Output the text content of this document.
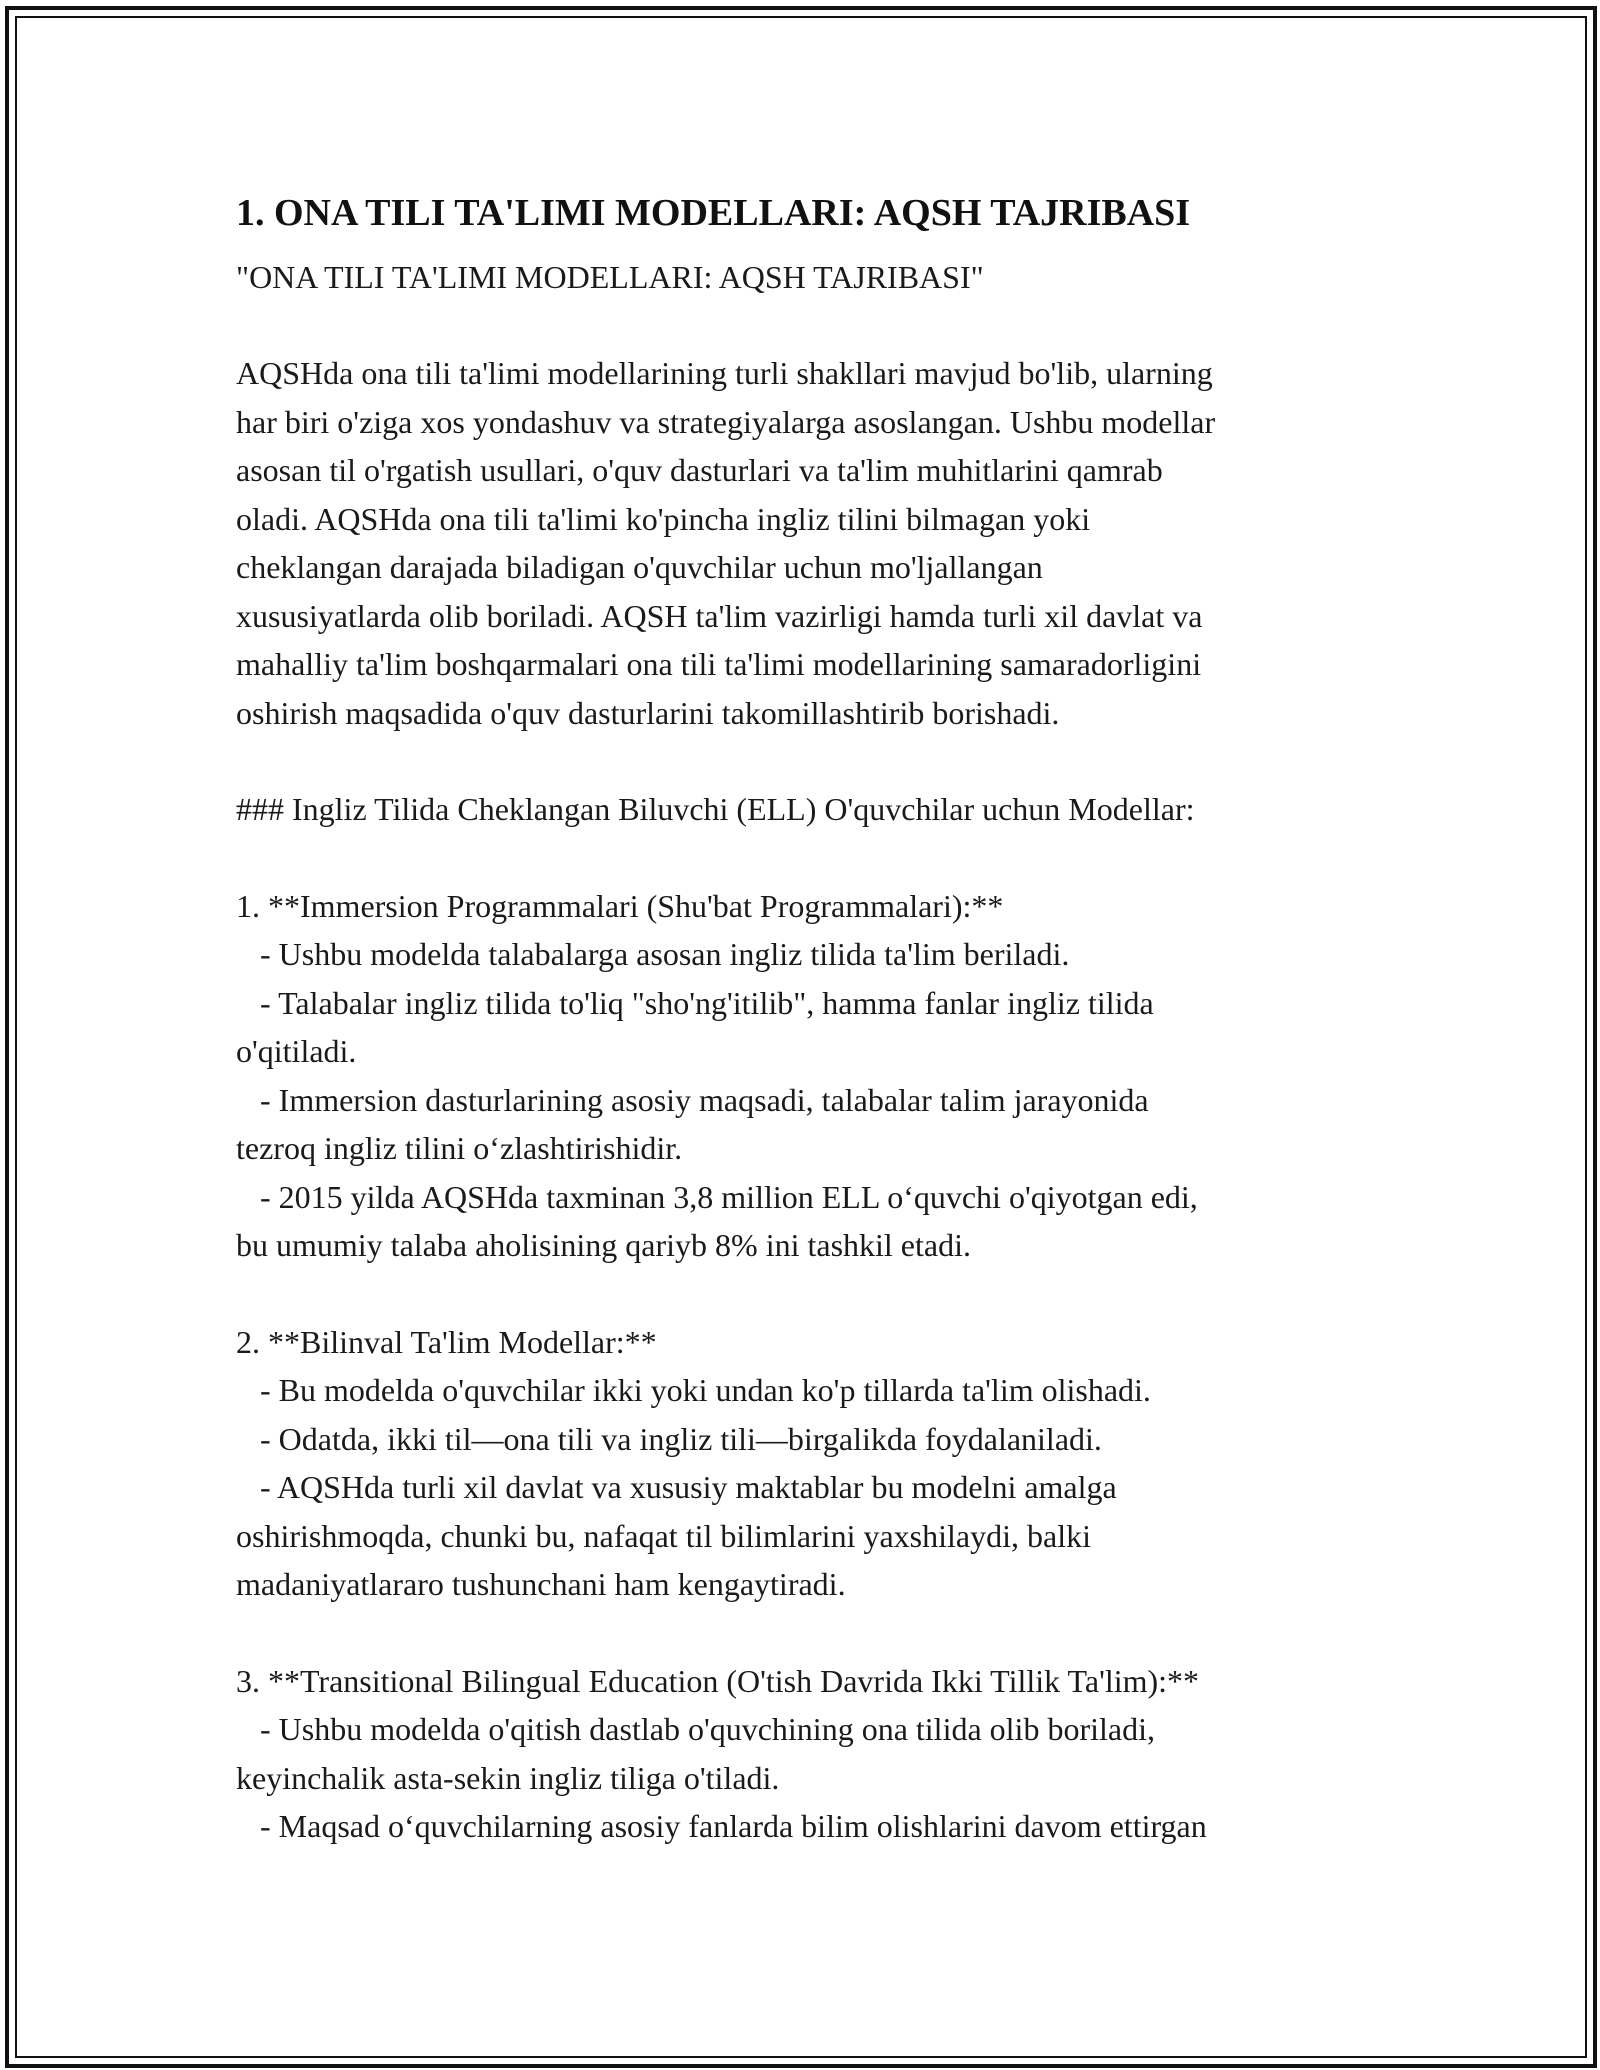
1. ONA TILI TA'LIMI MODELLARI: AQSH TAJRIBASI

"ONA TILI TA'LIMI MODELLARI: AQSH TAJRIBASI"

AQSHda ona tili ta'limi modellarining turli shakllari mavjud bo'lib, ularning
har biri o'ziga xos yondashuv va strategiyalarga asoslangan. Ushbu modellar
asosan til o'rgatish usullari, o'quv dasturlari va ta'lim muhitlarini qamrab
oladi. AQSHda ona tili ta'limi ko'pincha ingliz tilini bilmagan yoki
cheklangan darajada biladigan o'quvchilar uchun mo'ljallangan
xususiyatlarda olib boriladi. AQSH ta'lim vazirligi hamda turli xil davlat va
mahalliy ta'lim boshqarmalari ona tili ta'limi modellarining samaradorligini
oshirish maqsadida o'quv dasturlarini takomillashtirib borishadi.
### Ingliz Tilida Cheklangan Biluvchi (ELL) O'quvchilar uchun Modellar:
1. **Immersion Programmalari (Shu'bat Programmalari):**
- Ushbu modelda talabalarga asosan ingliz tilida ta'lim beriladi.
- Talabalar ingliz tilida to'liq "sho'ng'itilib", hamma fanlar ingliz tilida
o'qitiladi.
- Immersion dasturlarining asosiy maqsadi, talabalar talim jarayonida
tezroq ingliz tilini o‘zlashtirishidir.
- 2015 yilda AQSHda taxminan 3,8 million ELL o‘quvchi o'qiyotgan edi,
bu umumiy talaba aholisining qariyb 8% ini tashkil etadi.
2. **Bilinval Ta'lim Modellar:**
- Bu modelda o'quvchilar ikki yoki undan ko'p tillarda ta'lim olishadi.
- Odatda, ikki til—ona tili va ingliz tili—birgalikda foydalaniladi.
- AQSHda turli xil davlat va xususiy maktablar bu modelni amalga
oshirishmoqda, chunki bu, nafaqat til bilimlarini yaxshilaydi, balki
madaniyatlararo tushunchani ham kengaytiradi.
3. **Transitional Bilingual Education (O'tish Davrida Ikki Tillik Ta'lim):**
- Ushbu modelda o'qitish dastlab o'quvchining ona tilida olib boriladi,
keyinchalik asta-sekin ingliz tiliga o'tiladi.
- Maqsad o‘quvchilarning asosiy fanlarda bilim olishlarini davom ettirgan
